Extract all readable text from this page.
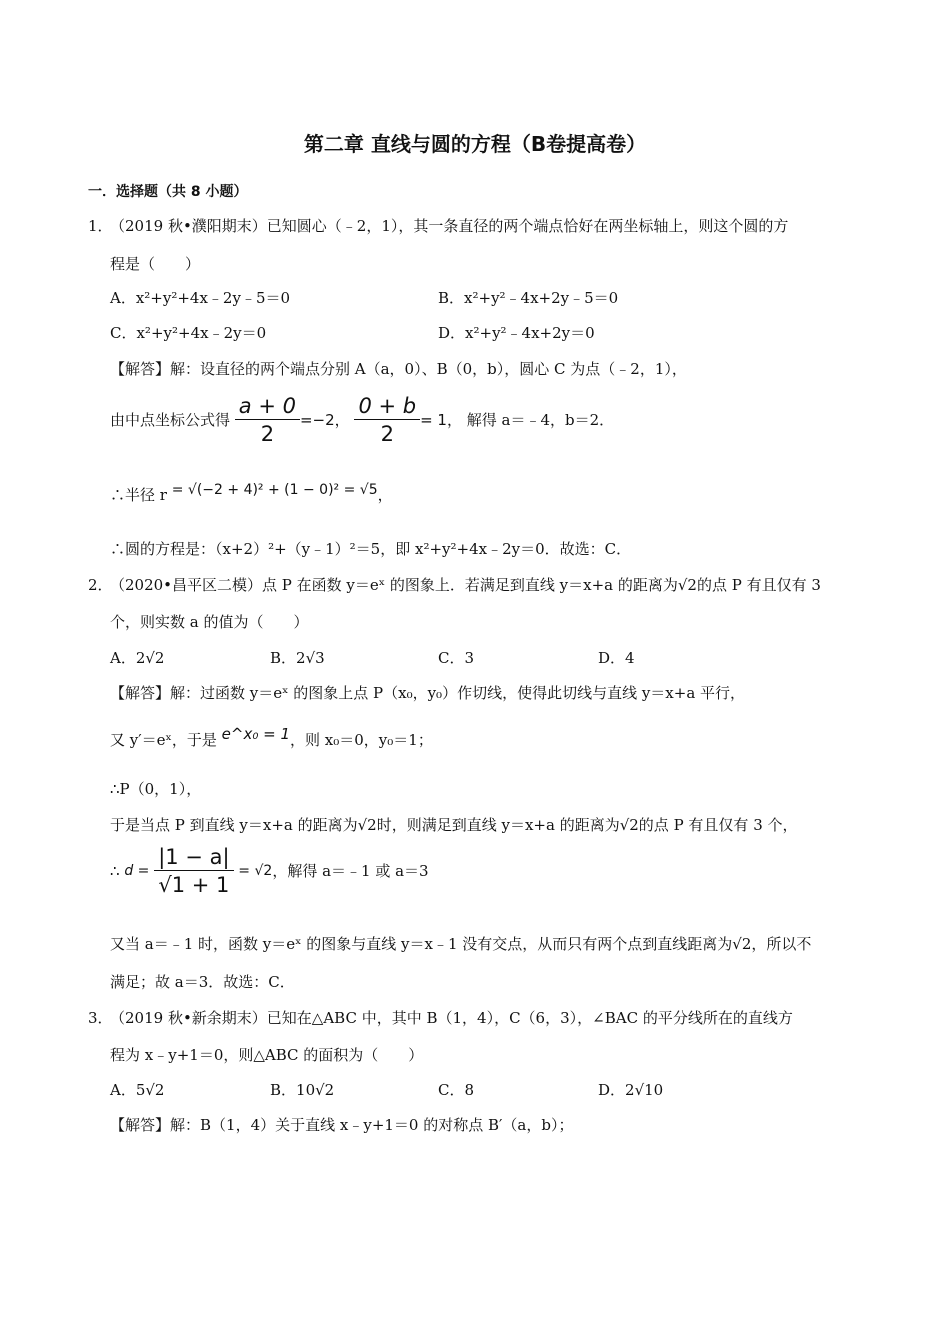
第二章 直线与圆的方程（B卷提高卷）
一．选择题（共 8 小题）
1．
（2019 秋•濮阳期末）已知圆心（﹣2，1），其一条直径的两个端点恰好在两坐标轴上，则这个圆的方
程是（　　）
A．x²+y²+4x﹣2y﹣5＝0	B．x²+y²﹣4x+2y﹣5＝0
C．x²+y²+4x﹣2y＝0	D．x²+y²﹣4x+2y＝0
【解答】解：设直径的两个端点分别 A（a，0）、B（0，b），圆心 C 为点（﹣2，1），
由中点坐标公式得 $\frac{a + 0}{2} =-2$， $\frac{0 + b}{2} = 1$， 解得 a＝﹣4，b＝2．
∴半径 r = √(−2 + 4)² + (1 − 0)² = √5，
∴圆的方程是：（x+2）²+（y﹣1）²＝5，即 x²+y²+4x﹣2y＝0．故选：C．
2．
（2020•昌平区二模）点 P 在函数 y＝eˣ 的图象上．若满足到直线 y＝x+a 的距离为√2的点 P 有且仅有 3
个，则实数 a 的值为（　　）
A．2√2	B．2√3	C．3	D．4
【解答】解：过函数 y＝eˣ 的图象上点 P（x₀，y₀）作切线，使得此切线与直线 y＝x+a 平行，
又 y′＝eˣ，于是 e^x₀ = 1，则 x₀＝0，y₀＝1；
∴P（0，1），
于是当点 P 到直线 y＝x+a 的距离为√2时，则满足到直线 y＝x+a 的距离为√2的点 P 有且仅有 3 个，
∴ $d = \frac{|1 - a|}{√1 + 1} = √2$，解得 a＝﹣1 或 a＝3
又当 a＝﹣1 时，函数 y＝eˣ 的图象与直线 y＝x﹣1 没有交点，从而只有两个点到直线距离为√2，所以不
满足；故 a＝3．故选：C．
3．
（2019 秋•新余期末）已知在△ABC 中，其中 B（1，4），C（6，3），∠BAC 的平分线所在的直线方
程为 x﹣y+1＝0，则△ABC 的面积为（　　）
A．5√2	B．10√2	C．8	D．2√10
【解答】解：B（1，4）关于直线 x﹣y+1＝0 的对称点 B′（a，b）；
